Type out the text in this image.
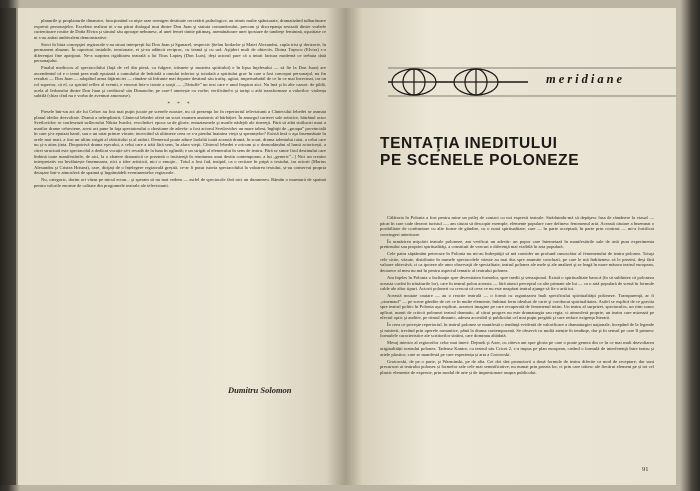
planurile şi proplanurile dinamice, funcţionând ca nişte raze roentgen destinate cercetării psihologice, au trimis multe spânzurate, dramatizând tulburătoare expresii personajelor. Excelent realizat ni s-au părut dialogul mut dintre Don Juan şi statuia comandorului, precum şi discrepanţa sesizată dintre vorbele curtenitoare rostite de Doña Elvira şi sărutul său aproape nebunesc, al unei femei rănite pătimaş, asemănătoare unei ipostaze de tandreţe feminină, uşurătate ce ni s-au arătat ambivalent demonstrative.

Strict în linia concepţiei regizorale s-au situat interpreţii lui Don Juan şi Sganarel, respectiv Ştefan Iordache şi Matei Alexandru, cupla trist şi derizorie, în permanent abuzun. În raporturi instabile, tensionate, ei şi-au adâncit reciproc, cu teamă şi cu urâ. Aşijderi mult de obiectiv, Doina Tuţescu (Elvira) s-a diferenţiat fine aparţinut. Ne-a surprins rigiditatea teatrală a lui Titus Lapteş (Don Luis), deşi actorul pare că a intuit factura modernă ce trebuia dată personajului.

Finalul mediocru al spectacolului (faţă de cel din piesă, cu fulgere, trăsnete şi moartea spiritului) e în lipsa înţelesului — să fie la Don Juan) are ascendentul că e o temă prea mult epuizată a cumulului de îndoială a omului inferior şi totodată a spiritului grav în care a fost conceput personajul, nu fin rezultat — Don Juan — adoptînd arma făţărniciei — rămâne să înfrunte mai departe destinul său trufaş, agitat, imperturbabil de ce în ce mai învecinat, iar un rol superior, că el, ca spiritul reflex al vremii, e vinovat într-o ironie a sorţii — „Tărtuffe” un text care e unul înspirat aici. Nu îmă şi în alte cazuri: de pildă, acela al Ierbarului dintre Don Juan şi creditorul său Dimanche, pe care-l ametește cu vorbe; verificând-o şi iarăşi o atât transformare a valorilor: violența subtilă (chiar cînd nu e vorba de aventuri amoroase).

* * *

Piesele într-un act ale lui Cehov au fost mai puţin jucate pe scenele noastre, nu că prezenţa lor în repertoriul televiziunii a Cântecului lebedei se asmuta planul ideilor dezvoltate. Dramă a neîmplinirii, Cântecul lebedei oferă un scurt examen anatomic al bărbăției. În amurgul carierei sale artistice, bătrânul actor Svetlovidov se confesează sufleorului Nikita Ivanîci, evocîndu-i epoca sa de glorie, entuziasmele şi marile nădejdi ale tinereţii. Fără să aibă străluciri mari a marilor drame cehoviene, acest act pune în faţa spectatorului o chestiune de adevăr: a fost actorul Svetlovidov un mare talent, înghiţit de „groapa” provincială în care şi-a epuizat harul, sau e un ratat printre văcute, incercând să ultimeze ceea ce s-a pierdut înaintea vieţii și speranțelor? Există însă o aşa însemnătate în orele mai mari, a fost un ultim strigăt al rătăcitului și al ratării. Demersul poate aduce laolaltă toată această dramă, în scurt, drama talentului ratat, a celui care nu şi-a atins ținta. Deopotrivă drama eşecului, a celui care a trăit fără sens, în afara vieţii. Cîntecul lebedei e oricum și o deznodământ al lumii actoricești, a cărei structură este spectacolul a dedicat vocație să-i revadă de la luna în oglindă; e un strigăt al efemerului în sens de teatru. Fără se simte firul destinului care îmbină toate manifestările, de aici, la o zbatere dramatică ce prezintă o insistenţă în reuniunea unui destin contemporan, a lui „generic”...] Nici un creator interpretativ nu învăluiește însemnarea, nici o idee artistică, nici o emoţie... Totul a fost fad, insipid, ca o recitare în pripă a textului, iar actorii (Marius Alexandru şi Cristea Hristea), care, dirijați de o înțelegere regizorală greșită, ce-ar fi putut istoria spectacolului la valoarea textului, și-au conservat propria detașare într-o atmosferă de spaimă şi îngrămădeli evenimentelor regizorale.

Nu, categoric, dorim ori văzut pe micul ecran... şi speram să nu mai vedem — astfel de spectacole fără nici un dumnezeu. Rămân o marmură de spaimă pentru valorile enorme de calitate din programele teatrale ale televiziunii.

Dumitru Solomon
meridiane
TENTAŢIA INEDITULUI
PE SCENELE POLONEZE

Călătoria în Polonia a fost pentru mine un prilej de contact cu noi expresii teatrale. Străduindu-mă să depăşesc fasa de rămânere la vizual — păcat în care cade deseori turistul —, am căutat să descopăr exemple, elemente populare care definesc fenomenul artă. Această căutare a însemnat o posibilitate de confruntare cu alte forme de gândire, cu o nouă spiritualitate, care — în parte acceptată, în parte prin contrast — mi-a fortificat convingeri anterioare.

În urmărirea mişcării teatrale poloneze, am verificat un adevăr: un popor care întemeiază în manifestările sale de artă pura experimenta pretinsului sau propriei spiritualităţi, a constituit de veacuri o diferenţă mai vizibilă în arta populară.

Cele patru săptămâni petrecute în Polonia nu mi-au îndreptăţit să mă consider un profund cunoscător al fenomenului de teatru polonez. Totuşi cele citite, văzute, distribuite în numele spectacolele văzute au mai dus spre anumite concluzii, pe care le mă îndrăznesc să le prezint, deşi fără valoare obiectivă, ci ca ipoteze ale unor observaţii de specialitate, teatrul polonez ale mele și ale analizei şi se leagă în mare măsura teatrul european, deoarece al meu nu mă în pentru aspectul tematic al teatrului polonez.

Am înţeles în Polonia o înclinaţie spre diversitatea formelor, spre inedit şi senzaţional. Există o spiritualitate barocă (în să subliniez că poloneza aceasta cuvînt în trăsăturile lor), care în teatrul polon aceasta — fără atunci perceptul ca alte primate ale lui — ca o artă populară de scenă în formule calde ale altor tipuri. Actorii poloneri cu crescut că ceea ce nu este neapărat teatral ajunge să fie o artă tot.

Această noutate cautare — au o reactie teatrală — o formă cu organizarea înalt specificului spiritualităţii poloneze. Transparenţă, ar fi „cinemaul” — pe scene gândite de cei ce în multe elemente, îmbinat ferm idealuri de carte şi coroborat spiritualitatea. Astfel se explică de ce gravita spre teatrul politic în Polonia aşa explicat, arareori imagine pe care recuperată de fenomenul intim. Un teatru al surprizei, spectaculos, un ritm sonor aplicat, numit de criticii polonezi teatrul dramatic, al cărui progres nu este dramaturgia sau regia, ci atmosferă proprie, un teatru care mizează pe efectul optic şi auditiv, pe ritmul dinamic, adesea accesibil și publicului cel mai puţin pregătit şi care reduce exigenţa literară.

În ceea ce priveşte repertoriul, în teatrul polonez se manifestă o tendinţă evidentă de valorificare a dramaturgiei naţionale, începând de la legende şi misterii, trecând prin operele romantice, până la drama contemporană. Se observă cu multă atenție în tendinţe, dar şi în sensul pe care îl primesc formulele caracteristice ale scriitorilor străini, care dominau altădată.

Mesaj interior al regizorilor celor mai tineri: Dejmek şi Axer, cu câteva ani spre gloria pe care o poate genera din ce în ce mai mult dezvoltarea originalității teatrului polonez. Tadeusz Kantor, cu teatrul său Cricot 2, s-a impus pe plan european, creând o formulă de interferenţă între teatru şi artele plastice, care se manifestă pe care experiența și arta a Crotowski.

Grotowski, de pe o parte, şi Warminski, pe de alta. Cei doi sînt promotorii a două formule de teatru diferite ca mod de receptare, dar sunt precursori ai teatrului polonez și formelor sale cele mai semnificative, nu numai prin poezia lor, ci prin care trăiesc ale fiecărui element pe și tot cel plastic elemente de expresie, prin modul de arte și de impresionare asupra publicului.

91
